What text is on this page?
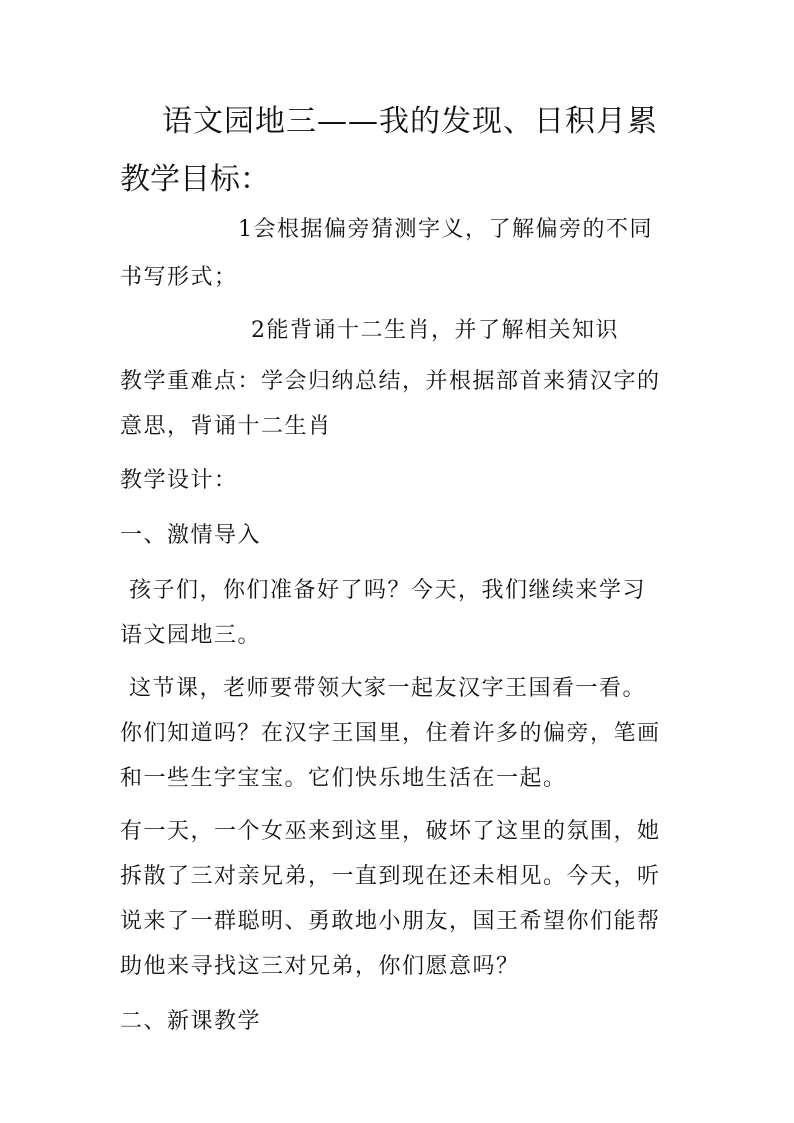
语文园地三——我的发现、日积月累
教学目标：
1会根据偏旁猜测字义，了解偏旁的不同
书写形式；
2能背诵十二生肖，并了解相关知识
教学重难点：学会归纳总结，并根据部首来猜汉字的
意思，背诵十二生肖
教学设计：
一、激情导入
孩子们，你们准备好了吗？今天，我们继续来学习
语文园地三。
这节课，老师要带领大家一起友汉字王国看一看。
你们知道吗？在汉字王国里，住着许多的偏旁，笔画
和一些生字宝宝。它们快乐地生活在一起。
有一天，一个女巫来到这里，破坏了这里的氛围，她
拆散了三对亲兄弟，一直到现在还未相见。今天，听
说来了一群聪明、勇敢地小朋友，国王希望你们能帮
助他来寻找这三对兄弟，你们愿意吗？
二、新课教学
